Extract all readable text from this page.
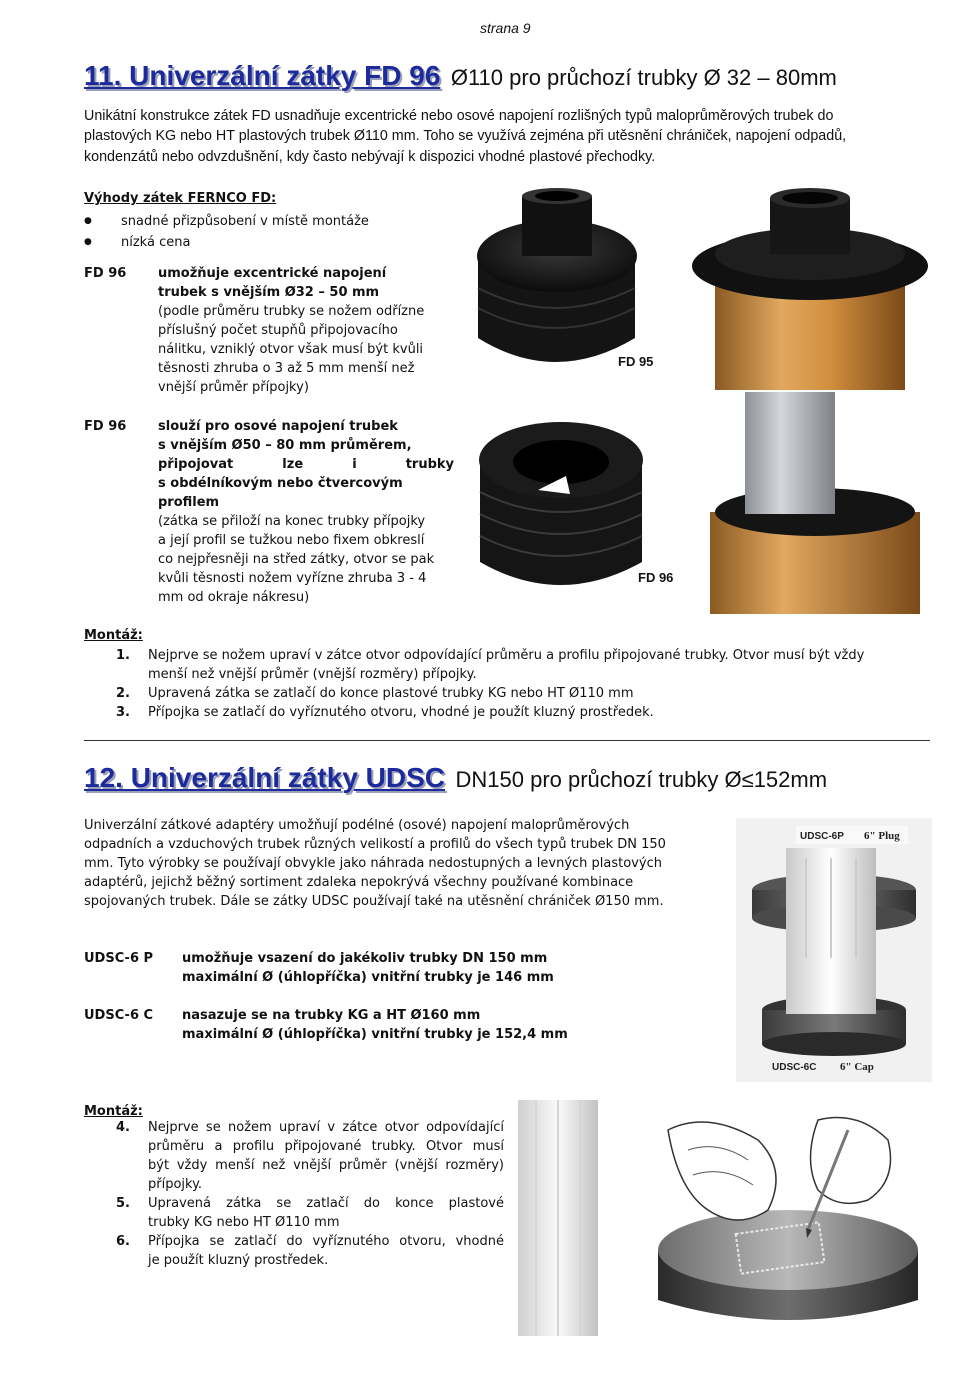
strana 9
11. Univerzální zátky FD 96 Ø110 pro průchozí trubky Ø 32 – 80mm

Unikátní konstrukce zátek FD usnadňuje excentrické nebo osové napojení rozlišných typů maloprůměrových trubek do

plastových KG nebo HT plastových trubek Ø110 mm. Toho se využívá zejména při utěsnění chrániček, napojení odpadů,

kondenzátů nebo odvzdušnění, kdy často nebývají k dispozici vhodné plastové přechodky.

Výhody zátek FERNCO FD:
● snadné přizpůsobení v místě montáže
● nízká cena
FD 96 umožňuje excentrické napojení

trubek s vnějším Ø32 – 50 mm

(podle průměru trubky se nožem odřízne

příslušný počet stupňů připojovacího

nálitku, vzniklý otvor však musí být kvůli

těsnosti zhruba o 3 až 5 mm menší než

vnější průměr přípojky)

FD 95
FD 96 slouží pro osové napojení trubek

s vnějším Ø50 – 80 mm průměrem,

připojovat lze i trubky

s obdélníkovým nebo čtvercovým

profilem

(zátka se přiloží na konec trubky přípojky

a její profil se tužkou nebo fixem obkreslí

co nejpřesněji na střed zátky, otvor se pak

kvůli těsnosti nožem vyřízne zhruba 3 - 4

mm od okraje nákresu)

FD 96
Montáž:
1.	Nejprve se nožem upraví v zátce otvor odpovídající průměru a profilu připojované trubky. Otvor musí být vždy
menší než vnější průměr (vnější rozměry) přípojky.
2.	Upravená zátka se zatlačí do konce plastové trubky KG nebo HT Ø110 mm
3.	Přípojka se zatlačí do vyříznutého otvoru, vhodné je použít kluzný prostředek.
12. Univerzální zátky UDSC DN150 pro průchozí trubky Ø≤152mm

Univerzální zátkové adaptéry umožňují podélné (osové) napojení maloprůměrových

odpadních a vzduchových trubek různých velikostí a profilů do všech typů trubek DN 150

mm. Tyto výrobky se používají obvykle jako náhrada nedostupných a levných plastových

adaptérů, jejichž běžný sortiment zdaleka nepokrývá všechny používané kombinace

spojovaných trubek. Dále se zátky UDSC používají také na utěsnění chrániček Ø150 mm.

UDSC-6 P umožňuje vsazení do jakékoliv trubky DN 150 mm
maximální Ø (úhlopříčka) vnitřní trubky je 146 mm
UDSC-6 C nasazuje se na trubky KG a HT Ø160 mm
maximální Ø (úhlopříčka) vnitřní trubky je 152,4 mm
UDSC-6P 6" Plug
UDSC-6C 6" Cap
Montáž:
4.	Nejprve se nožem upraví v zátce otvor odpovídající
průměru a profilu připojované trubky. Otvor musí
být vždy menší než vnější průměr (vnější rozměry)
přípojky.
5.	Upravená zátka se zatlačí do konce plastové
trubky KG nebo HT Ø110 mm
6.	Přípojka se zatlačí do vyříznutého otvoru, vhodné
je použít kluzný prostředek.
